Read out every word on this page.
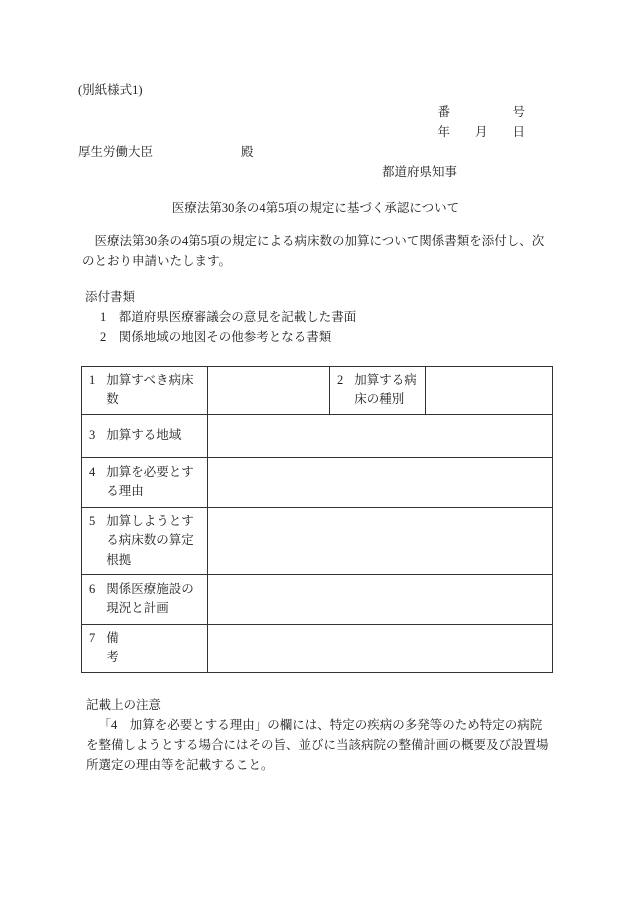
(別紙様式1)
番　　　　　号
年　　月　　日
厚生労働大臣	殿
都道府県知事
医療法第30条の4第5項の規定に基づく承認について

医療法第30条の4第5項の規定による病床数の加算について関係書類を添付し、次のとおり申請いたします。

添付書類
1　都道府県医療審議会の意見を記載した書面
2　関係地域の地図その他参考となる書類
1 加算すべき病床数		2 加算する病床の種別	

3 加算する地域			

4 加算を必要とする理由			

5 加算しようとする病床数の算定根拠			

6 関係医療施設の現況と計画			

7 備　　　　　　考			

記載上の注意

「4　加算を必要とする理由」の欄には、特定の疾病の多発等のため特定の病院を整備しようとする場合にはその旨、並びに当該病院の整備計画の概要及び設置場所選定の理由等を記載すること。
